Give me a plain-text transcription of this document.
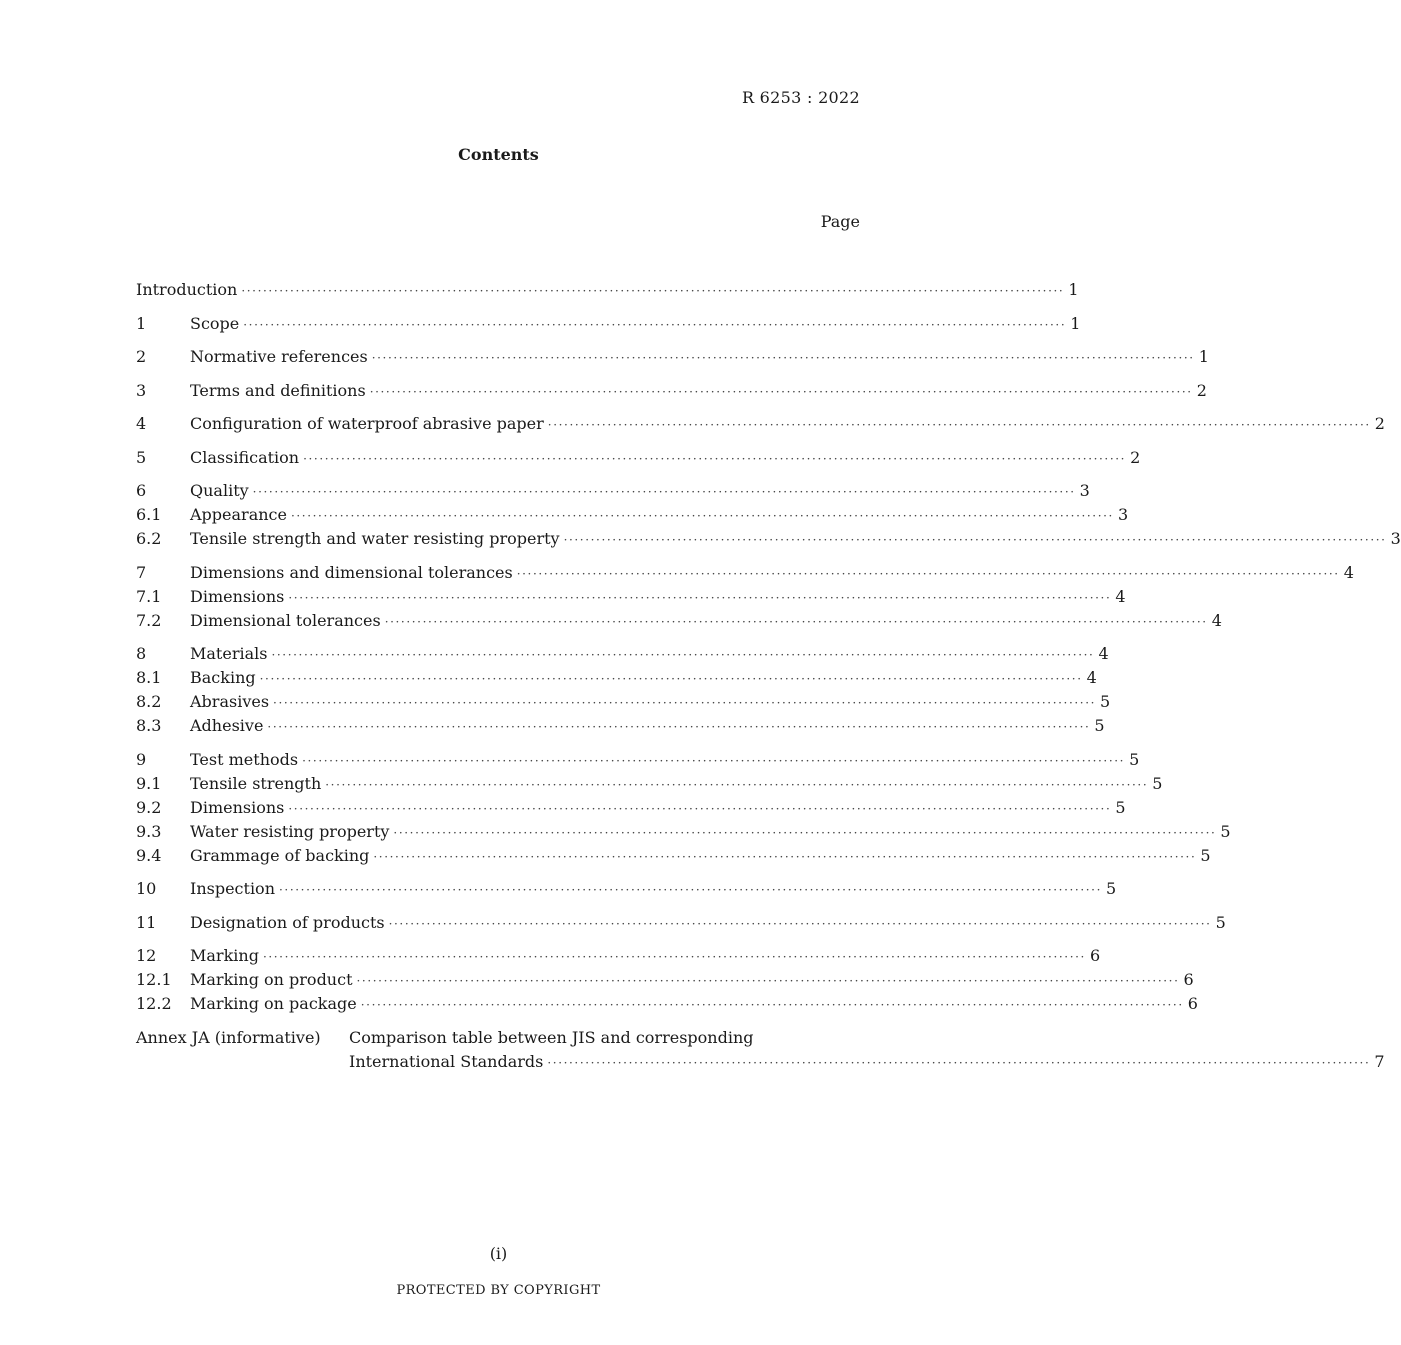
R 6253 : 2022
Contents
Page
Introduction ·····	1
1	Scope ·····	1
2	Normative references ·····	1
3	Terms and definitions ·····	2
4	Configuration of waterproof abrasive paper ·····	2
5	Classification ·····	2
6	Quality ·····	3
6.1	Appearance ·····	3
6.2	Tensile strength and water resisting property ·····	3
7	Dimensions and dimensional tolerances ·····	4
7.1	Dimensions ·····	4
7.2	Dimensional tolerances ·····	4
8	Materials ·····	4
8.1	Backing ·····	4
8.2	Abrasives ·····	5
8.3	Adhesive ·····	5
9	Test methods ·····	5
9.1	Tensile strength ·····	5
9.2	Dimensions ·····	5
9.3	Water resisting property ·····	5
9.4	Grammage of backing ·····	5
10	Inspection ·····	5
11	Designation of products ·····	5
12	Marking ·····	6
12.1	Marking on product ·····	6
12.2	Marking on package ·····	6
Annex JA (informative)	Comparison table between JIS and corresponding
International Standards ·····	7
(i)
PROTECTED BY COPYRIGHT
